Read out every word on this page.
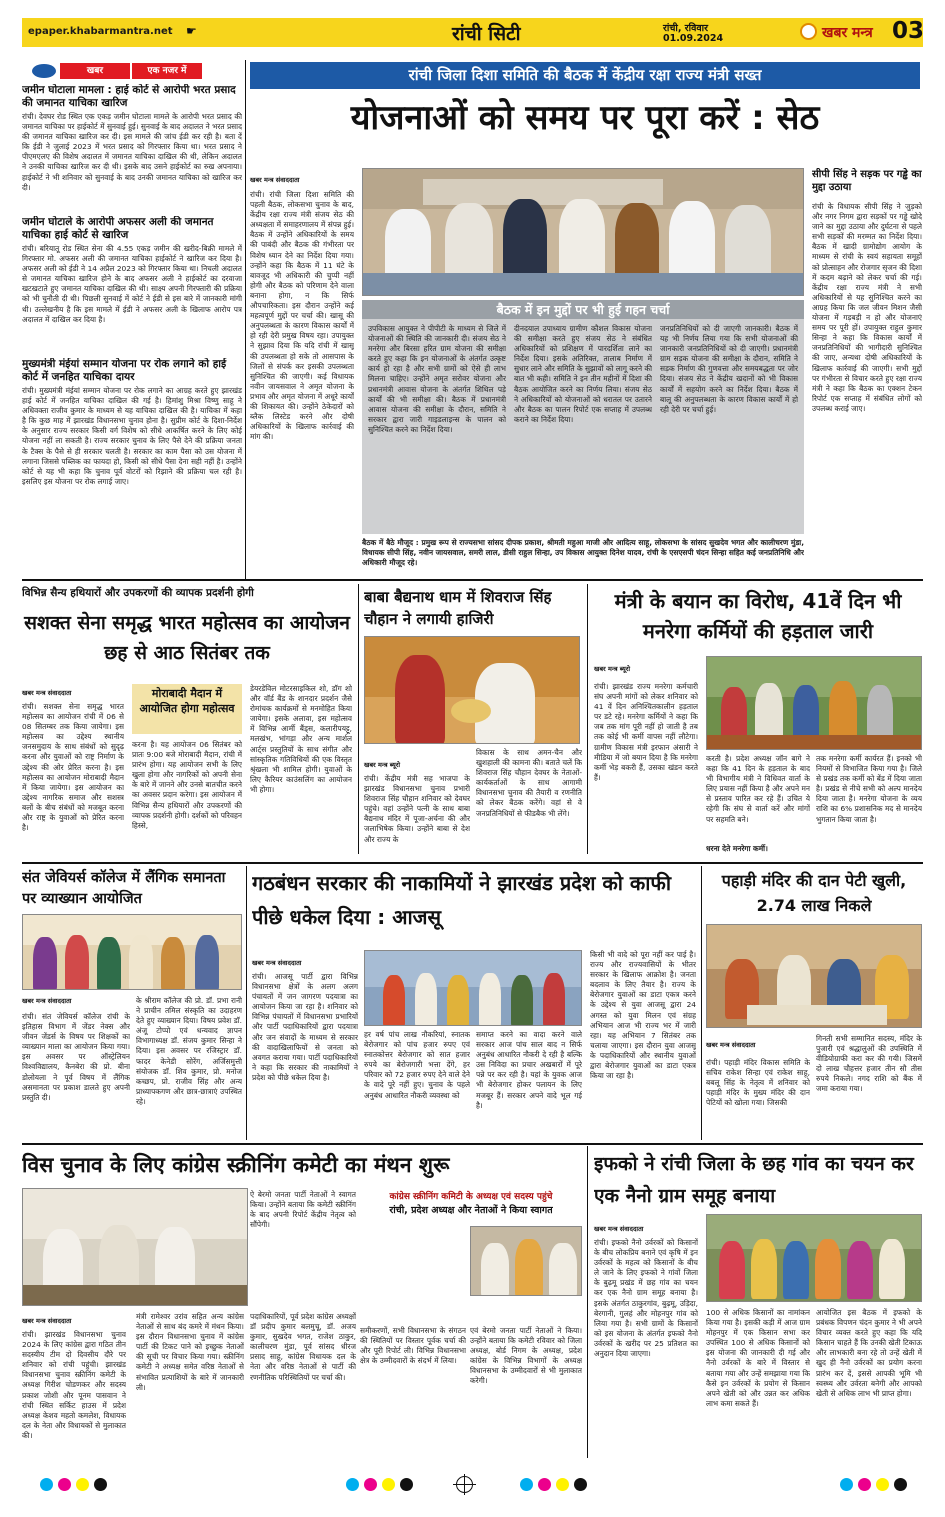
epaper.khabarmantra.net ☛	रांची सिटी	रांची, रविवार
01.09.2024	खबर मन्त्र 03
खबर	एक नजर में
जमीन घोटाला मामला : हाई कोर्ट से आरोपी भरत प्रसाद की जमानत याचिका खारिज
रांची। देवघर रोड स्थित एक एकड़ जमीन घोटाला मामले के आरोपी भरत प्रसाद की जमानत याचिका पर हाईकोर्ट में सुनवाई हुई। सुनवाई के बाद अदालत ने भरत प्रसाद की जमानत याचिका खारिज कर दी। इस मामले की जांच ईडी कर रही है। बता दें कि ईडी ने जुलाई 2023 में भरत प्रसाद को गिरफ्तार किया था। भरत प्रसाद ने पीएमएलए की विशेष अदालत में जमानत याचिका दाखिल की थी, लेकिन अदालत ने उनकी याचिका खारिज कर दी थी। इसके बाद उसने हाईकोर्ट का रुख अपनाया। हाईकोर्ट ने भी शनिवार को सुनवाई के बाद उनकी जमानत याचिका को खारिज कर दी।
जमीन घोटाले के आरोपी अफसर अली की जमानत याचिका हाई कोर्ट से खारिज
रांची। बरियातू रोड स्थित सेना की 4.55 एकड़ जमीन की खरीद-बिक्री मामले में गिरफ्तार मो. अफसर अली की जमानत याचिका हाईकोर्ट ने खारिज कर दिया है। अफसर अली को ईडी ने 14 अप्रैल 2023 को गिरफ्तार किया था। निचली अदालत से जमानत याचिका खारिज होने के बाद अफसर अली ने हाईकोर्ट का दरवाजा खटखटाते हुए जमानत याचिका दाखिल की थी। साक्ष्य अपनी गिरफ्तारी की प्रक्रिया को भी चुनौती दी थी। पिछली सुनवाई में कोर्ट ने ईडी से इस बारे में जानकारी मांगी थी। उल्लेखनीय है कि इस मामले में ईडी ने अफसर अली के खिलाफ आरोप पत्र अदालत में दाखिल कर दिया है।
मुख्यमंत्री मंईयां सम्मान योजना पर रोक लगाने को हाई कोर्ट में जनहित याचिका दायर
रांची। मुख्यमंत्री मंईयां सम्मान योजना पर रोक लगाने का आग्रह करते हुए झारखंड हाई कोर्ट में जनहित याचिका दाखिल की गई है। हिमांशु मिश्रा विष्णु साहू ने अधिवक्ता राजीव कुमार के माध्यम से यह याचिका दाखिल की है। याचिका में कहा है कि कुछ माह में झारखंड विधानसभा चुनाव होना है। सुप्रीम कोर्ट के दिशा-निर्देश के अनुसार राज्य सरकार किसी वर्ग विशेष को सीधे आकर्षित करने के लिए कोई योजना नहीं ला सकती है। राज्य सरकार चुनाव के लिए पैसे देने की प्रक्रिया जनता के टैक्स के पैसे से ही सरकार चलती है। सरकार का काम पैसा को उस योजना में लगाना जिससे पब्लिक का फायदा हो, किसी को सीधे पैसा देना सही नहीं है। उन्होंने कोर्ट से यह भी कहा कि चुनाव पूर्व वोटरों को रिझाने की प्रक्रिया चल रही है। इसलिए इस योजना पर रोक लगाई जाए।
रांची जिला दिशा समिति की बैठक में केंद्रीय रक्षा राज्य मंत्री सख्त
योजनाओं को समय पर पूरा करें : सेठ
खबर मन्त्र संवाददाता
रांची। रांची जिला दिशा समिति की पहली बैठक, लोकसभा चुनाव के बाद, केंद्रीय रक्षा राज्य मंत्री संजय सेठ की अध्यक्षता में समाहरणालय में संपन्न हुई। बैठक में उन्होंने अधिकारियों के समय की पाबंदी और बैठक की गंभीरता पर विशेष ध्यान देने का निर्देश दिया गया। उन्होंने कहा कि बैठक में 11 घंटे के बावजूद भी अधिकारी की चुप्पी नहीं होगी और बैठक को परिणाम देने वाला बनाना होगा, न कि सिर्फ औपचारिकता। इस दौरान उन्होंने कई महत्वपूर्ण मुद्दों पर चर्चा की। खासू की अनुपलब्धता के कारण विकास कार्यों में हो रही देरी प्रमुख विषय रहा। उपायुक्त ने सुझाव दिया कि यदि रांची में खासू की उपलब्धता हो सके तो आसपास के जिलों से संपर्क कर इसकी उपलब्धता सुनिश्चित की जाएगी। कई विधायक नवीन जायसवाल ने अमृत योजना के प्रभाव और अमृत योजना में अधूरे कार्यों की शिकायत की। उन्होंने ठेकेदारों को ब्लैक लिस्टेड करने और दोषी अधिकारियों के खिलाफ कार्रवाई की मांग की।
बैठक में इन मुद्दों पर भी हुई गहन चर्चा
उपविकास आयुक्त ने पीपीटी के माध्यम से जिले में योजनाओं की स्थिति की जानकारी दी। संजय सेठ ने मनरेगा और बिरसा हरित ग्राम योजना की समीक्षा करते हुए कहा कि इन योजनाओं के अंतर्गत उत्कृष्ट कार्य हो रहा है और सभी ग्रामों को ऐसे ही लाभ मिलना चाहिए। उन्होंने अमृत सरोवर योजना और प्रधानमंत्री आवास योजना के अंतर्गत शिथिल पड़े कार्यों की भी समीक्षा की। बैठक में प्रधानमंत्री आवास योजना की समीक्षा के दौरान, समिति ने सरकार द्वारा जारी गाइडलाइन्स के पालन को सुनिश्चित करने का निर्देश दिया।
दीनदयाल उपाध्याय ग्रामीण कौशल विकास योजना की समीक्षा करते हुए संजय सेठ ने संबंधित अधिकारियों को प्रशिक्षण में पारदर्शिता लाने का निर्देश दिया। इसके अतिरिक्त, तालाब निर्माण में सुधार लाने और समिति के सुझावों को लागू करने की बात भी कही। समिति ने इन तीन महीनों में दिशा की बैठक आयोजित करने का निर्णय लिया। संजय सेठ ने अधिकारियों को योजनाओं को धरातल पर उतारने और बैठक का पालन रिपोर्ट एक सप्ताह में उपलब्ध कराने का निर्देश दिया।
जनप्रतिनिधियों को दी जाएगी जानकारी। बैठक में यह भी निर्णय लिया गया कि सभी योजनाओं की जानकारी जनप्रतिनिधियों को दी जाएगी। प्रधानमंत्री ग्राम सड़क योजना की समीक्षा के दौरान, समिति ने सड़क निर्माण की गुणवत्ता और समयबद्धता पर जोर दिया। संजय सेठ ने केंद्रीय खदानों को भी विकास कार्यों में सहयोग करने का निर्देश दिया। बैठक में बालू की अनुपलब्धता के कारण विकास कार्यों में हो रही देरी पर चर्चा हुई।
बैठक में बैठे मौजूद : प्रमुख रूप से राज्यसभा सांसद दीपक प्रकाश, श्रीमती महुआ माजी और आदित्य साहू, लोकसभा के सांसद सुखदेव भगत और कालीचरण मुंडा, विधायक सीपी सिंह, नवीन जायसवाल, समरी लाल, डीसी राहुल सिन्हा, उप विकास आयुक्त दिनेश यादव, रांची के एसएसपी चंदन सिन्हा सहित कई जनप्रतिनिधि और अधिकारी मौजूद रहे।
सीपी सिंह ने सड़क पर गड्ढे का मुद्दा उठाया
रांची के विधायक सीपी सिंह ने जुड़को और नगर निगम द्वारा सड़कों पर गड्ढे खोदे जाने का मुद्दा उठाया और दुर्घटना से पहले सभी सड़कों की मरम्मत का निर्देश दिया। बैठक में खादी ग्रामोद्योग आयोग के माध्यम से रांची के स्वयं सहायता समूहों को प्रोत्साहन और रोजगार सृजन की दिशा में कदम बढ़ाने को लेकर चर्चा की गई। केंद्रीय रक्षा राज्य मंत्री ने सभी अधिकारियों से यह सुनिश्चित करने का आग्रह किया कि जल जीवन मिशन जैसी योजना में गड़बड़ी न हो और योजनाएं समय पर पूरी हों। उपायुक्त राहुल कुमार सिन्हा ने कहा कि विकास कार्यों में जनप्रतिनिधियों की भागीदारी सुनिश्चित की जाए, अन्यथा दोषी अधिकारियों के खिलाफ कार्रवाई की जाएगी। सभी मुद्दों पर गंभीरता से विचार करते हुए रक्षा राज्य मंत्री ने कहा कि बैठक का एक्शन टेकन रिपोर्ट एक सप्ताह में संबंधित लोगों को उपलब्ध कराई जाए।
विभिन्न सैन्य हथियारों और उपकरणों की व्यापक प्रदर्शनी होगी
सशक्त सेना समृद्ध भारत महोत्सव का आयोजन छह से आठ सितंबर तक
खबर मन्त्र संवाददाता
रांची। सशक्त सेना समृद्ध भारत महोत्सव का आयोजन रांची में 06 से 08 सितम्बर तक किया जायेगा। इस महोत्सव का उद्देश्य स्थानीय जनसमुदाय के साथ संबंधों को सुदृढ़ करना और युवाओं को राष्ट्र निर्माण के उद्देश्य की ओर प्रेरित करना है। इस महोत्सव का आयोजन मोराबादी मैदान में किया जायेगा। इस आयोजन का उद्देश्य नागरिक समाज और सशस्त्र बलों के बीच संबंधों को मजबूत करना और राष्ट्र के युवाओं को प्रेरित करना है।
मोराबादी मैदान में आयोजित होगा महोत्सव
करना है। यह आयोजन 06 सितंबर को प्रातः 9:00 बजे मोराबादी मैदान, रांची में प्रारंभ होगा। यह आयोजन सभी के लिए खुला होगा और नागरिकों को अपनी सेना के बारे में जानने और उनसे बातचीत करने का अवसर प्रदान करेगा। इस आयोजन में विभिन्न सैन्य हथियारों और उपकरणों की व्यापक प्रदर्शनी होगी। दर्शकों को परिवहन हिस्से,
डेयरडेविल मोटरसाइकिल शो, डॉग शो और वॉर्ड बैंड के शानदार प्रदर्शन जैसे रोमांचक कार्यक्रमों से मनमोहित किया जायेगा। इसके अलावा, इस महोत्सव में विभिन्न आर्मी बैंड्स, कलारीपयट्टू, मलखंभ, भांगड़ा और अन्य मार्शल आर्ट्स प्रस्तुतियों के साथ संगीत और सांस्कृतिक गतिविधियों की एक विस्तृत श्रृंखला भी शामिल होगी। युवाओं के लिए कैरियर काउंसलिंग का आयोजन भी होगा।
बाबा बैद्यनाथ धाम में शिवराज सिंह चौहान ने लगायी हाजिरी
खबर मन्त्र ब्यूरो
रांची। केंद्रीय मंत्री सह भाजपा के झारखंड विधानसभा चुनाव प्रभारी शिवराज सिंह चौहान शनिवार को देवघर पहुंचे। वहां उन्होंने पत्नी के साथ बाबा बैद्यनाथ मंदिर में पूजा-अर्चना की और जलाभिषेक किया। उन्होंने बाबा से देश और राज्य के
विकास के साथ अमन-चैन और खुशहाली की कामना की। बताते चलें कि शिवराज सिंह चौहान देवघर के नेताओं-कार्यकर्ताओं के साथ आगामी विधानसभा चुनाव की तैयारी व रणनीति को लेकर बैठक करेंगे। वहां से वे जनप्रतिनिधियों से फीडबैक भी लेंगे।
मंत्री के बयान का विरोध, 41वें दिन भी मनरेगा कर्मियों की हड़ताल जारी
खबर मन्त्र ब्यूरो
रांची। झारखंड राज्य मनरेगा कर्मचारी संघ अपनी मांगों को लेकर शनिवार को 41 वें दिन अनिश्चितकालीन हड़ताल पर डटे रहे। मनरेगा कर्मियों ने कहा कि जब तक मांग पूरी नहीं हो जाती है तब तक कोई भी कर्मी वापस नहीं लौटेगा। ग्रामीण विकास मंत्री इरफान अंसारी ने मीडिया में जो बयान दिया है कि मनरेगा कर्मी भेड़ बकरी हैं, उसका खंडन करते हैं।
करती है। प्रदेश अध्यक्ष जॉन बागे ने कहा कि 41 दिन के हड़ताल के बाद भी विभागीय मंत्री ने विधिवत वार्ता के लिए प्रयास नहीं किया है और अपने मन से प्रस्ताव पारित कर रहे हैं। उचित ये रहेगी कि संघ से वार्ता करें और मांगों पर सहमति बने।
तक मनरेगा कर्मी कार्यरत हैं। इनको भी नियमों से विभाजित किया गया है। जिले से प्रखंड तक कर्मी को बेंड में दिया जाता है। प्रखंड से नीचे सभी को अल्प मानदेय दिया जाता है। मनरेगा योजना के व्यय राशि का 6% प्रशासनिक मद से मानदेय भुगतान किया जाता है।
धरना देते मनरेगा कर्मी।
संत जेवियर्स कॉलेज में लैंगिक समानता पर व्याख्यान आयोजित
खबर मन्त्र संवाददाता
रांची। संत जेवियर्स कॉलेज रांची के इतिहास विभाग में जेंडर नेक्स और जीवन जेंडर्स के विषय पर शिक्षकों का व्याख्यान माला का आयोजन किया गया। इस अवसर पर ऑस्ट्रेलियन विश्वविद्यालय, कैनबेरा की प्रो. बीना डोलोयला ने पूर्व विषय में लैंगिक असमानता पर प्रकाश डालते हुए अपनी प्रस्तुति दी।
के श्रीराम कॉलेज की प्रो. डॉ. प्रभा रानी ने प्राचीन तमिल संस्कृति का उदाहरण देते हुए व्याख्यान दिया। विषय प्रवेश डॉ. अंजू टोप्पो एवं धन्यवाद ज्ञापन विभागाध्यक्ष डॉ. संजय कुमार सिन्हा ने दिया। इस अवसर पर रजिस्ट्रार डॉ. फादर केनेडी सोरेंग, अर्जिसमुत्ती संयोजक डॉ. शिव कुमार, प्रो. मनोज कच्छप, प्रो. राजीव सिंह और अन्य प्राध्यापकगण और छात्र-छात्राएं उपस्थित रहे।
गठबंधन सरकार की नाकामियों ने झारखंड प्रदेश को काफी पीछे धकेल दिया : आजसू
खबर मन्त्र संवाददाता
रांची। आजसू पार्टी द्वारा विभिन्न विधानसभा क्षेत्रों के अलग अलग पंचायतों में जन जागरण पदयात्रा का आयोजन किया जा रहा है। शनिवार को विभिन्न पंचायतों में विधानसभा प्रभारियों और पार्टी पदाधिकारियों द्वारा पदयात्रा और जन संवादों के माध्यम से सरकार की वादाखिलाफियों से जनता को अवगत कराया गया। पार्टी पदाधिकारियों ने कहा कि सरकार की नाकामियों ने प्रदेश को पीछे धकेल दिया है।
हर वर्ष पांच लाख नौकरियां, स्नातक बेरोजगार को पांच हजार रुपए एवं स्नातकोत्तर बेरोजगार को सात हजार रुपये का बेरोजगारी भत्ता देंगे, हर परिवार को 72 हजार रुपए देने वाले देने के वादे पूरे नहीं हुए। चुनाव के पहले अनुबंध आधारित नौकरी व्यवस्था को
समाप्त करने का वादा करने वाले सरकार आज पांच साल बाद न सिर्फ अनुबंध आधारित नौकरी दे रही है बल्कि उस निविदा का प्रचार अखबारों में पूरे पन्ने पर कर रही है। यहां के युवक आज भी बेरोजगार होकर पलायन के लिए मजबूर हैं। सरकार अपने वादे भूल गई है।
किसी भी वादे को पूरा नहीं कर पाई है। राज्य और राज्यवासियों के भीतर सरकार के खिलाफ आक्रोश है। जनता बदलाव के लिए तैयार है। राज्य के बेरोजगार युवाओं का डाटा एकत्र करने के उद्देश्य से युवा आजसू द्वारा 24 अगस्त को युवा मिलन एवं संग्रह अभियान आज भी राज्य भर में जारी रहा। यह अभियान 7 सितंबर तक चलाया जाएगा। इस दौरान युवा आजसू के पदाधिकारियों और स्थानीय युवाओं द्वारा बेरोजगार युवाओं का डाटा एकत्र किया जा रहा है।
पहाड़ी मंदिर की दान पेटी खुली, 2.74 लाख निकले
खबर मन्त्र संवाददाता
रांची। पहाड़ी मंदिर विकास समिति के सचिव राकेश सिन्हा एवं राकेश साहू, बबलू सिंह के नेतृत्व में शनिवार को पहाड़ी मंदिर के मुख्य मंदिर की दान पेटियों को खोला गया। जिसकी
गिनती सभी सम्मानित सदस्य, मंदिर के पुजारी एवं श्रद्धालुओं की उपस्थिति में वीडियोग्राफी करा कर की गयी। जिसमें दो लाख चौहत्तर हजार तीन सौ तीस रुपये निकले। नगद राशि को बैंक में जमा कराया गया।
विस चुनाव के लिए कांग्रेस स्क्रीनिंग कमेटी का मंथन शुरू
कांग्रेस स्क्रीनिंग कमिटी के अध्यक्ष एवं सदस्य पहुंचे
रांची, प्रदेश अध्यक्ष और नेताओं ने किया स्वागत
खबर मन्त्र संवाददाता
रांची। झारखंड विधानसभा चुनाव 2024 के लिए कांग्रेस द्वारा गठित तीन सदस्यीय टीम दो दिवसीय दौरे पर शनिवार को रांची पहुंची। झारखंड विधानसभा चुनाव स्क्रीनिंग कमेटी के अध्यक्ष गिरीश चोडणकर और सदस्य प्रकाश जोशी और पूनम पासवान ने रांची स्थित सर्किट हाउस में प्रदेश अध्यक्ष केशव महतो कमलेश, विधायक दल के नेता और विधायकों से मुलाकात की।
मंत्री रामेश्वर उरांव सहित अन्य कांग्रेस नेताओं से साथ बंद कमरे में मंथन किया। इस दौरान विधानसभा चुनाव में कांग्रेस पार्टी की टिकट पाने को इच्छुक नेताओं की सूची पर विचार किया गया। स्क्रीनिंग कमेटी ने अध्यक्ष समेत वरिष्ठ नेताओं से संभावित प्रत्याशियों के बारे में जानकारी ली।
पदाधिकारियों, पूर्व प्रदेश कांग्रेस अध्यक्षों डॉ प्रदीप कुमार बलमुचू, डॉ. अजय कुमार, सुखदेव भगत, राजेश ठाकुर, कालीचरण मुंडा, पूर्व सांसद धीरज प्रसाद साहू, कांग्रेस विधायक दल के नेता और वरिष्ठ नेताओं से पार्टी की रणनीतिक परिस्थितियों पर चर्चा की।
ऐ बेरमो जनता पार्टी नेताओं ने स्वागत किया। उन्होंने बताया कि कमेटी स्क्रीनिंग के बाद अपनी रिपोर्ट केंद्रीय नेतृत्व को सौंपेगी।
समीकरणों, सभी विधानसभा के संगठन की स्थितियों पर विस्तार पूर्वक चर्चा की और पूरी रिपोर्ट ली। विभिन्न विधानसभा क्षेत्र के उम्मीदवारों के संदर्भ में लिया।
एवं बेरमो जनता पार्टी नेताओं ने किया। उन्होंने बताया कि कमेटी रविवार को जिला अध्यक्ष, बोर्ड निगम के अध्यक्ष, प्रदेश कांग्रेस के विभिन्न विभागों के अध्यक्ष विधानसभा के उम्मीदवारों से भी मुलाकात करेगी।
इफको ने रांची जिला के छह गांव का चयन कर एक नैनो ग्राम समूह बनाया
खबर मन्त्र संवाददाता
रांची। इफको नैनो उर्वरकों को किसानों के बीच लोकप्रिय बनाने एवं कृषि में इन उर्वरकों के महत्व को किसानों के बीच ले जाने के लिए इफको ने गांवों जिला के बुढ़मू प्रखंड में छह गांव का चयन कर एक नैनो ग्राम समूह बनाया है। इसके अंतर्गत ठाकुरगांव, बुढ़मू, उड़िदा, बेरगानी, गुलहं और मोहनपुर गांव को लिया गया है। सभी ग्रामों के किसानों को इस योजना के अंतर्गत इफको नैनो उर्वरकों के खरीद पर 25 प्रतिशत का अनुदान दिया जाएगा।
100 से अधिक किसानों का नामांकन किया गया है। इसकी कड़ी में आज ग्राम मोहनपुर में एक किसान सभा कर उपस्थित 100 से अधिक किसानों को इस योजना की जानकारी दी गई और नैनो उर्वरकों के बारे में विस्तार से बताया गया और उन्हें समझाया गया कि कैसे इन उर्वरकों के प्रयोग से किसान अपने खेती को और उन्नत कर अधिक लाभ कमा सकते हैं।
आयोजित इस बैठक में इफको के प्रबंधक विपणन चंदन कुमार ने भी अपने विचार व्यक्त करते हुए कहा कि यदि किसान चाहते हैं कि उनकी खेती टिकाऊ और लाभकारी बना रहे तो उन्हें खेती में खुद ही नैनो उर्वरकों का प्रयोग करना प्रारंभ कर दें, इससे आपकी भूमि भी स्वस्थ्य और उर्वरता बनेगी और आपको खेती से अधिक लाभ भी प्राप्त होगा।
